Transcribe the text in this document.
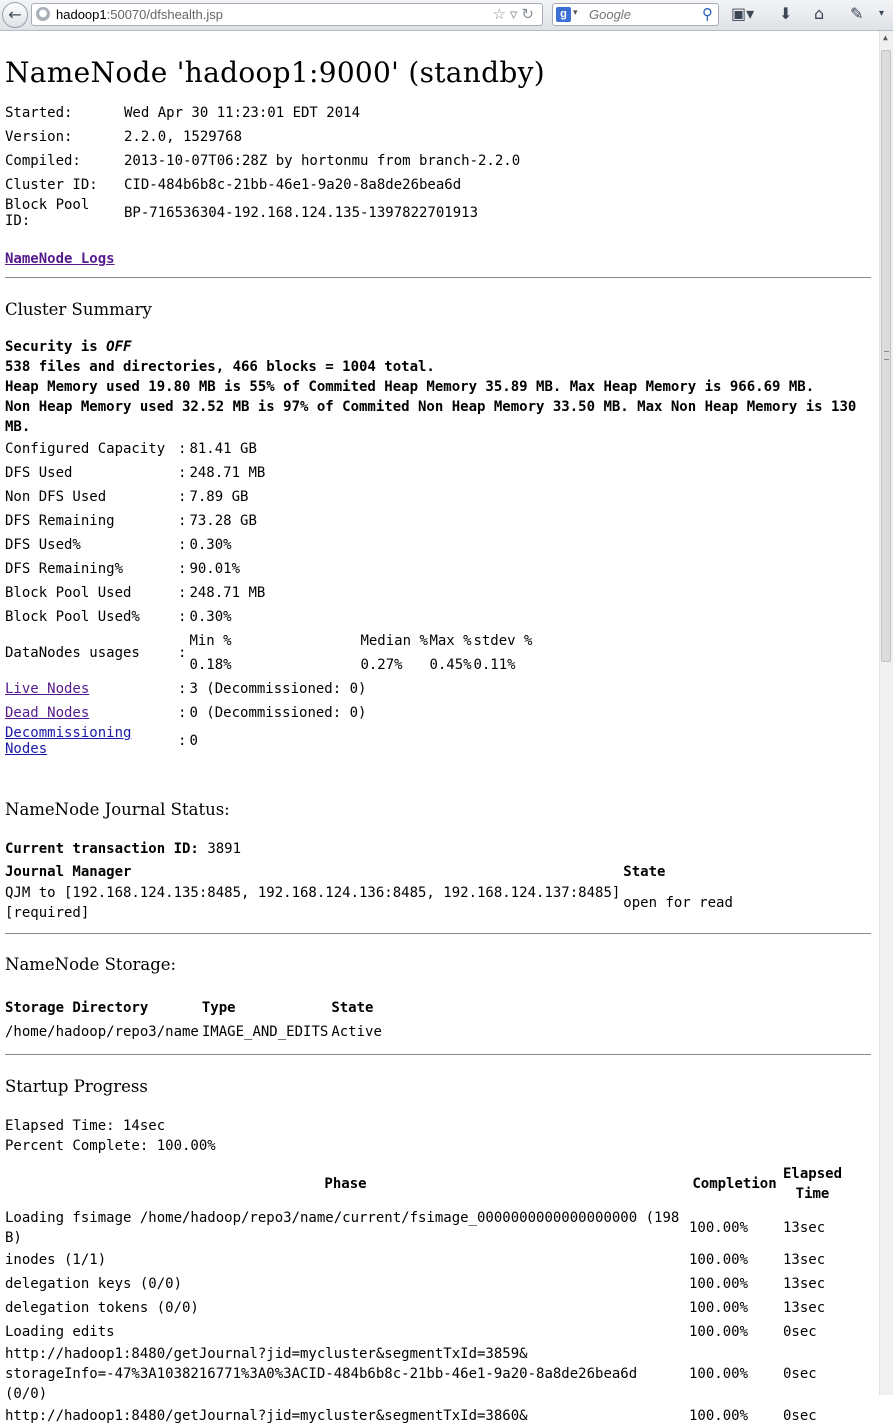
←	● hadoop1:50070/dfshealth.jsp	☆▿↻	g ▾
Google	⚲ ▣▾ ⬇ ⌂ ✎ ▾
▲
NameNode 'hadoop1:9000' (standby)
Started:	Wed Apr 30 11:23:01 EDT 2014
Version:	2.2.0, 1529768
Compiled:	2013-10-07T06:28Z by hortonmu from branch-2.2.0
Cluster ID:	CID-484b6b8c-21bb-46e1-9a20-8a8de26bea6d
Block Pool ID:	BP-716536304-192.168.124.135-1397822701913
NameNode Logs
Cluster Summary
Security is OFF
538 files and directories, 466 blocks = 1004 total.
Heap Memory used 19.80 MB is 55% of Commited Heap Memory 35.89 MB. Max Heap Memory is 966.69 MB.
Non Heap Memory used 32.52 MB is 97% of Commited Non Heap Memory 33.50 MB. Max Non Heap Memory is 130 MB.
Configured Capacity	:	81.41 GB
DFS Used	:	248.71 MB
Non DFS Used	:	7.89 GB
DFS Remaining	:	73.28 GB
DFS Used%	:	0.30%
DFS Remaining%	:	90.01%
Block Pool Used	:	248.71 MB
Block Pool Used%	:	0.30%
DataNodes usages	:	
Min %	Median %	Max %	stdev %
0.18%	0.27%	0.45%	0.11%

Live Nodes	:	3 (Decommissioned: 0)
Dead Nodes	:	0 (Decommissioned: 0)
Decommissioning Nodes	:	0
NameNode Journal Status:
Current transaction ID: 3891
Journal Manager	State

QJM to [192.168.124.135:8485, 192.168.124.136:8485, 192.168.124.137:8485]
[required]	open for read
NameNode Storage:
Storage Directory	Type	State
/home/hadoop/repo3/name	IMAGE_AND_EDITS	Active
Startup Progress
Elapsed Time: 14sec
Percent Complete: 100.00%
Phase	Completion	Elapsed
Time

Loading fsimage /home/hadoop/repo3/name/current/fsimage_0000000000000000000 (198 B)	100.00%	13sec

inodes (1/1)	100.00%	13sec

delegation keys (0/0)	100.00%	13sec

delegation tokens (0/0)	100.00%	13sec

Loading edits	100.00%	0sec

http://hadoop1:8480/getJournal?jid=mycluster&segmentTxId=3859&
storageInfo=-47%3A1038216771%3A0%3ACID-484b6b8c-21bb-46e1-9a20-8a8de26bea6d (0/0)	100.00%	0sec

http://hadoop1:8480/getJournal?jid=mycluster&segmentTxId=3860&	100.00%	0sec
